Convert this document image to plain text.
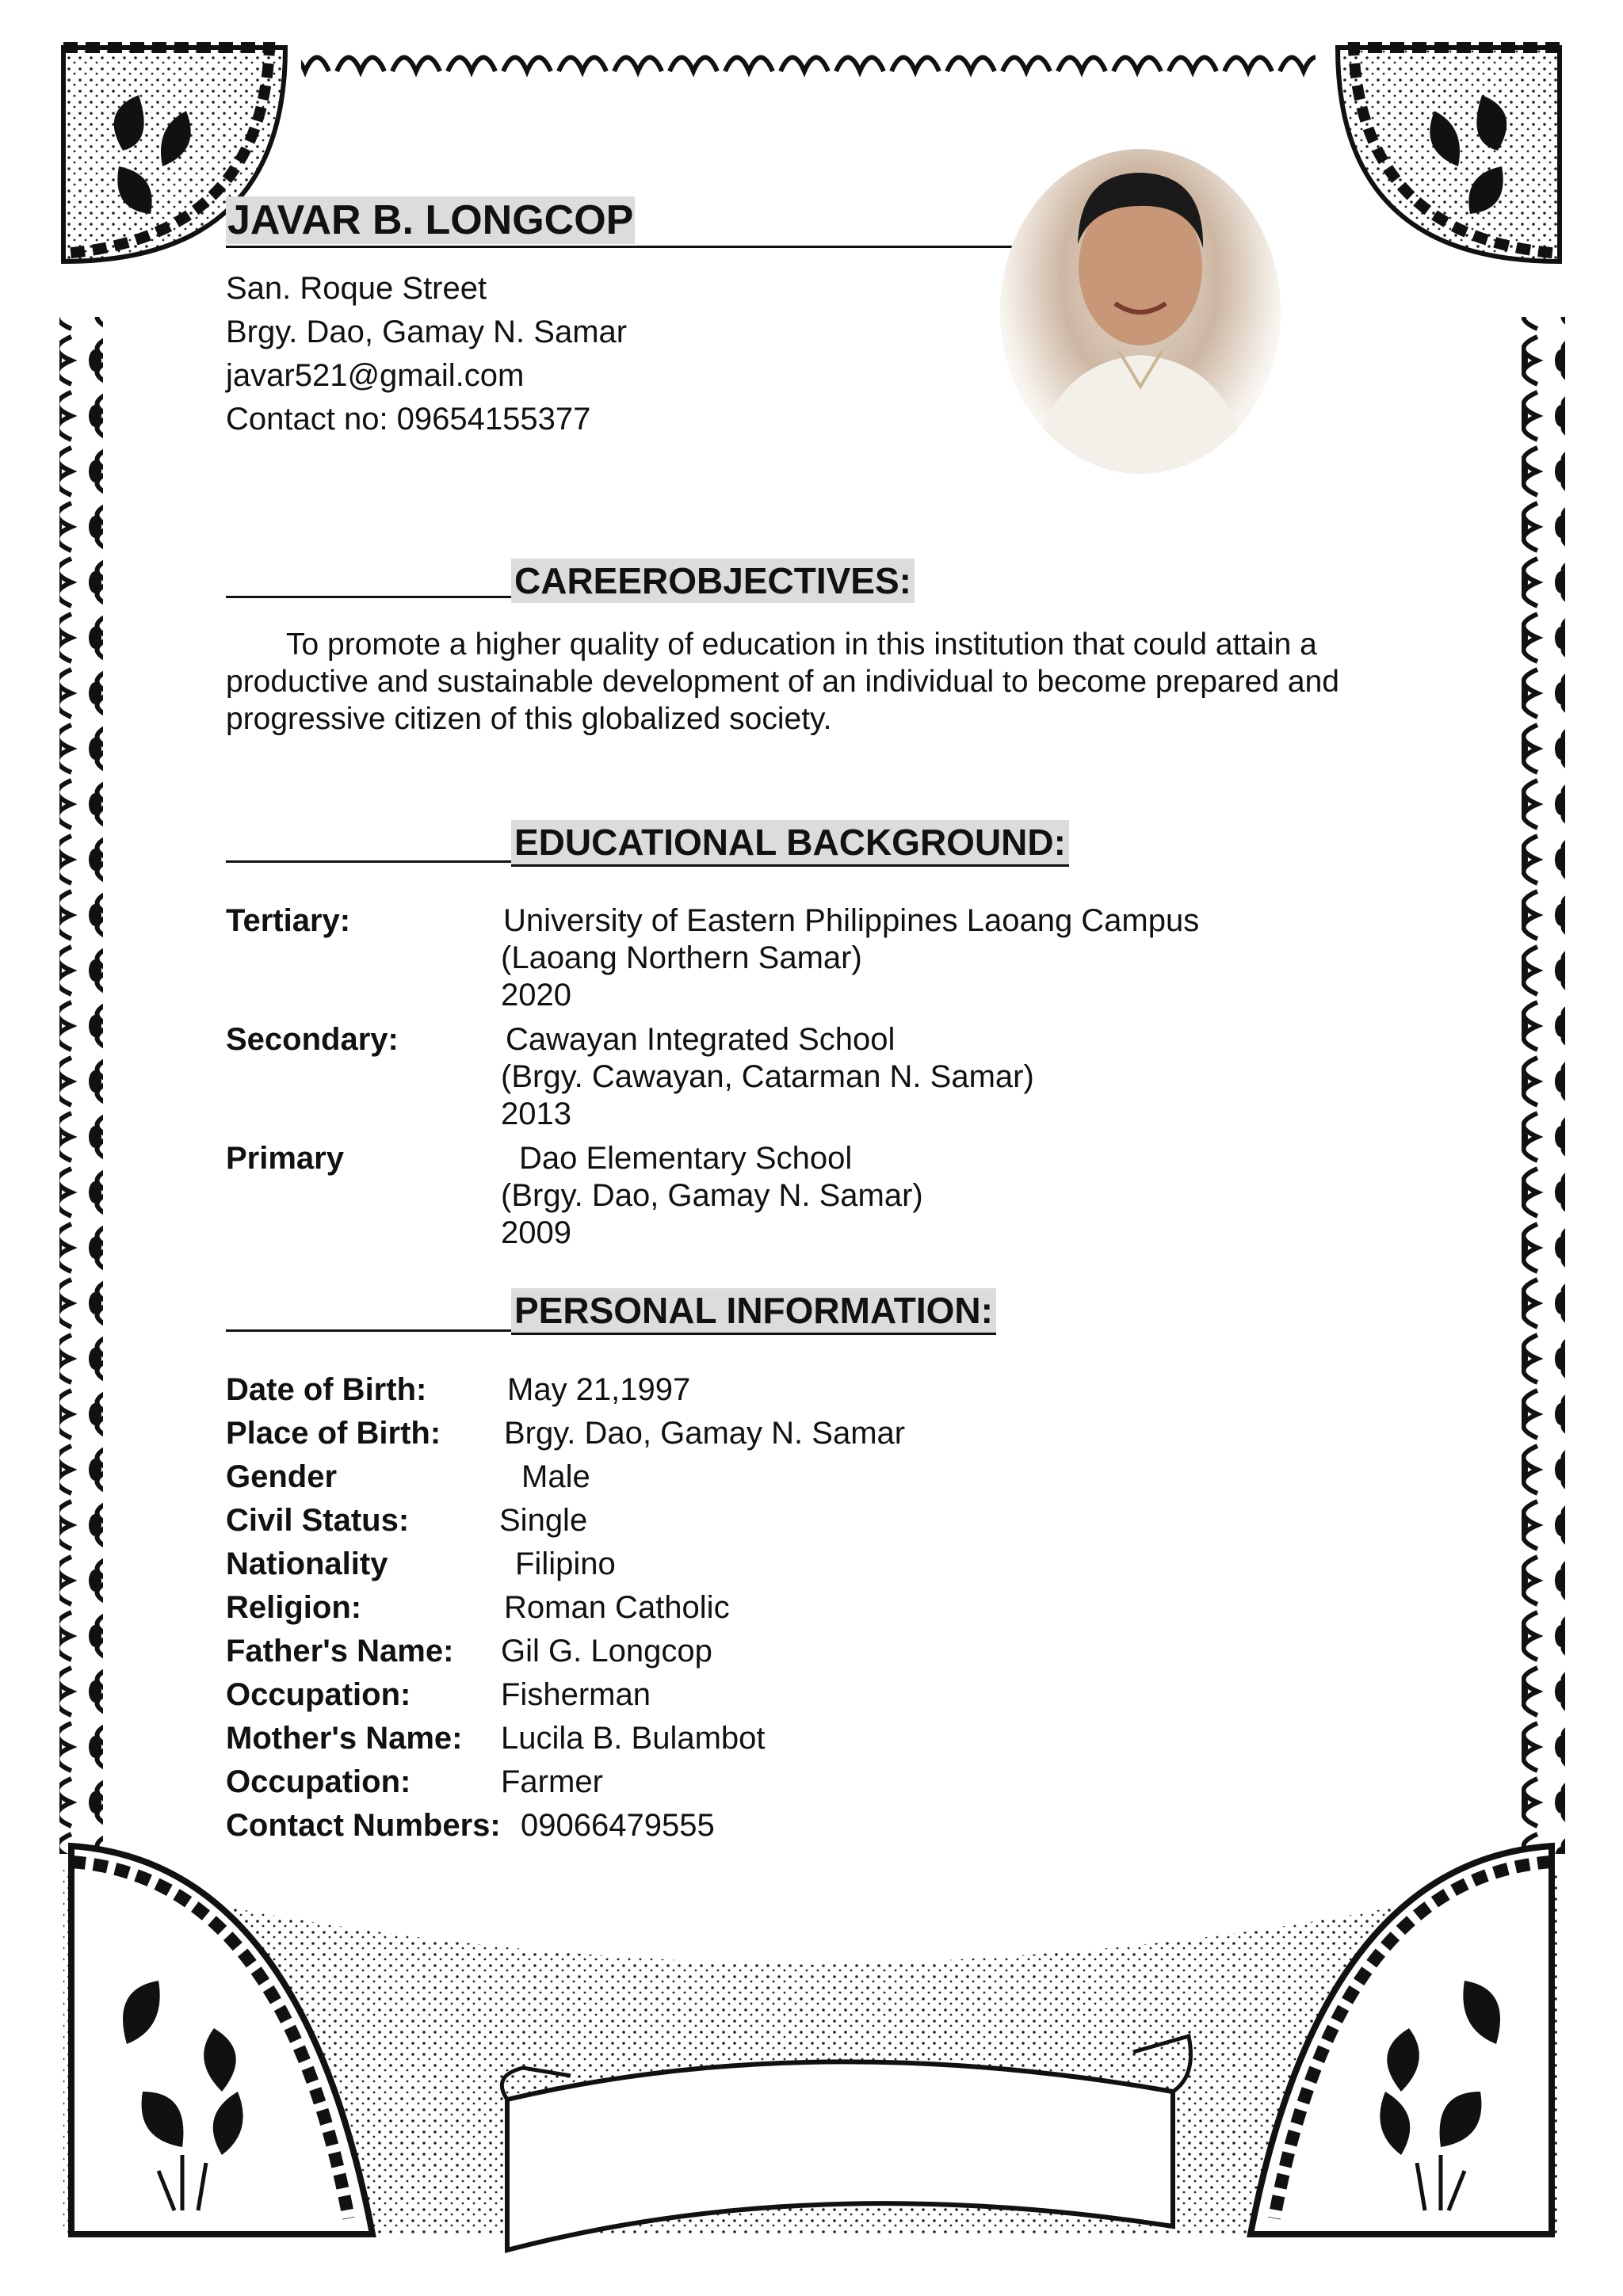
JAVAR B. LONGCOP
San. Roque Street
Brgy. Dao, Gamay N. Samar
javar521@gmail.com
Contact no: 09654155377
CAREEROBJECTIVES:
To promote a higher quality of education in this institution that could attain a productive and sustainable development of an individual to become prepared and progressive citizen of this globalized society.
EDUCATIONAL BACKGROUND:
Tertiary:	University of Eastern Philippines Laoang Campus
(Laoang Northern Samar)
2020
Secondary:	Cawayan Integrated School
(Brgy. Cawayan, Catarman N. Samar)
2013
Primary	Dao Elementary School
(Brgy. Dao, Gamay N. Samar)
2009
PERSONAL INFORMATION:
Date of Birth:	May 21,1997
Place of Birth: Brgy. Dao, Gamay N. Samar
Gender	Male
Civil Status:	Single
Nationality	Filipino
Religion:	Roman Catholic
Father's Name: Gil G. Longcop
Occupation:	Fisherman
Mother's Name: Lucila B. Bulambot
Occupation:	Farmer
Contact Numbers: 09066479555
